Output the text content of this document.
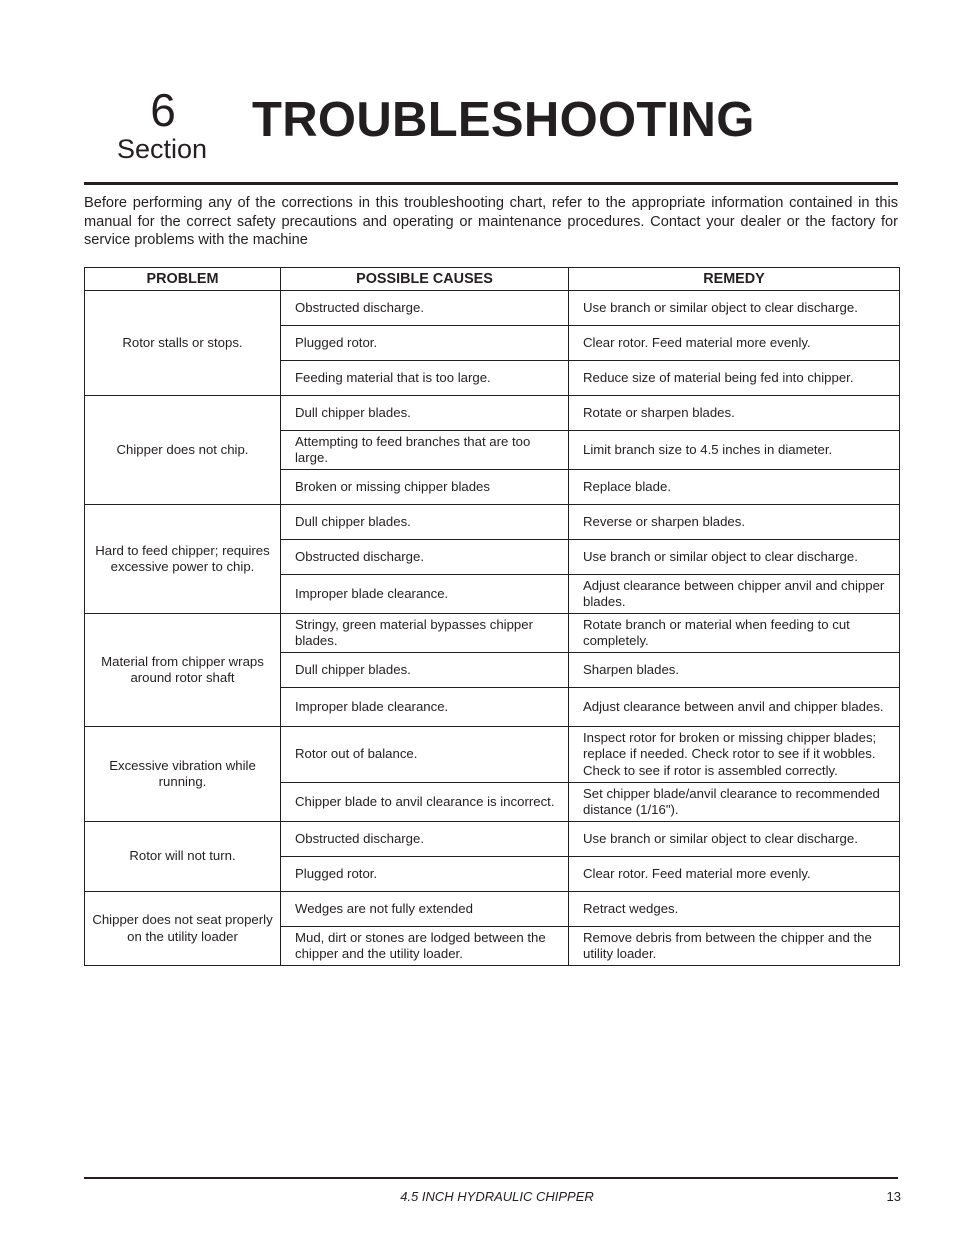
6
Section
TROUBLESHOOTING

Before performing any of the corrections in this troubleshooting chart, refer to the appropriate information contained in this manual for the correct safety precautions and operating or maintenance procedures. Contact your dealer or the factory for service problems with the machine

PROBLEM	POSSIBLE CAUSES	REMEDY
Rotor stalls or stops.	Obstructed discharge.	Use branch or similar object to clear discharge.
	Plugged rotor.	Clear rotor. Feed material more evenly.
	Feeding material that is too large.	Reduce size of material being fed into chipper.
Chipper does not chip.	Dull chipper blades.	Rotate or sharpen blades.
	Attempting to feed branches that are too large.	Limit branch size to 4.5 inches in diameter.
	Broken or missing chipper blades	Replace blade.
Hard to feed chipper; requires excessive power to chip.	Dull chipper blades.	Reverse or sharpen blades.
	Obstructed discharge.	Use branch or similar object to clear discharge.
	Improper blade clearance.	Adjust clearance between chipper anvil and chipper blades.
Material from chipper wraps around rotor shaft	Stringy, green material bypasses chipper blades.	Rotate branch or material when feeding to cut completely.
	Dull chipper blades.	Sharpen blades.
	Improper blade clearance.	Adjust clearance between anvil and chipper blades.
Excessive vibration while running.	Rotor out of balance.	Inspect rotor for broken or missing chipper blades; replace if needed. Check rotor to see if it wobbles. Check to see if rotor is assembled correctly.
	Chipper blade to anvil clearance is incorrect.	Set chipper blade/anvil clearance to recommended distance (1/16").
Rotor will not turn.	Obstructed discharge.	Use branch or similar object to clear discharge.
	Plugged rotor.	Clear rotor. Feed material more evenly.
Chipper does not seat properly on the utility loader	Wedges are not fully extended	Retract wedges.
	Mud, dirt or stones are lodged between the chipper and the utility loader.	Remove debris from between the chipper and the utility loader.
4.5 INCH HYDRAULIC CHIPPER	13
